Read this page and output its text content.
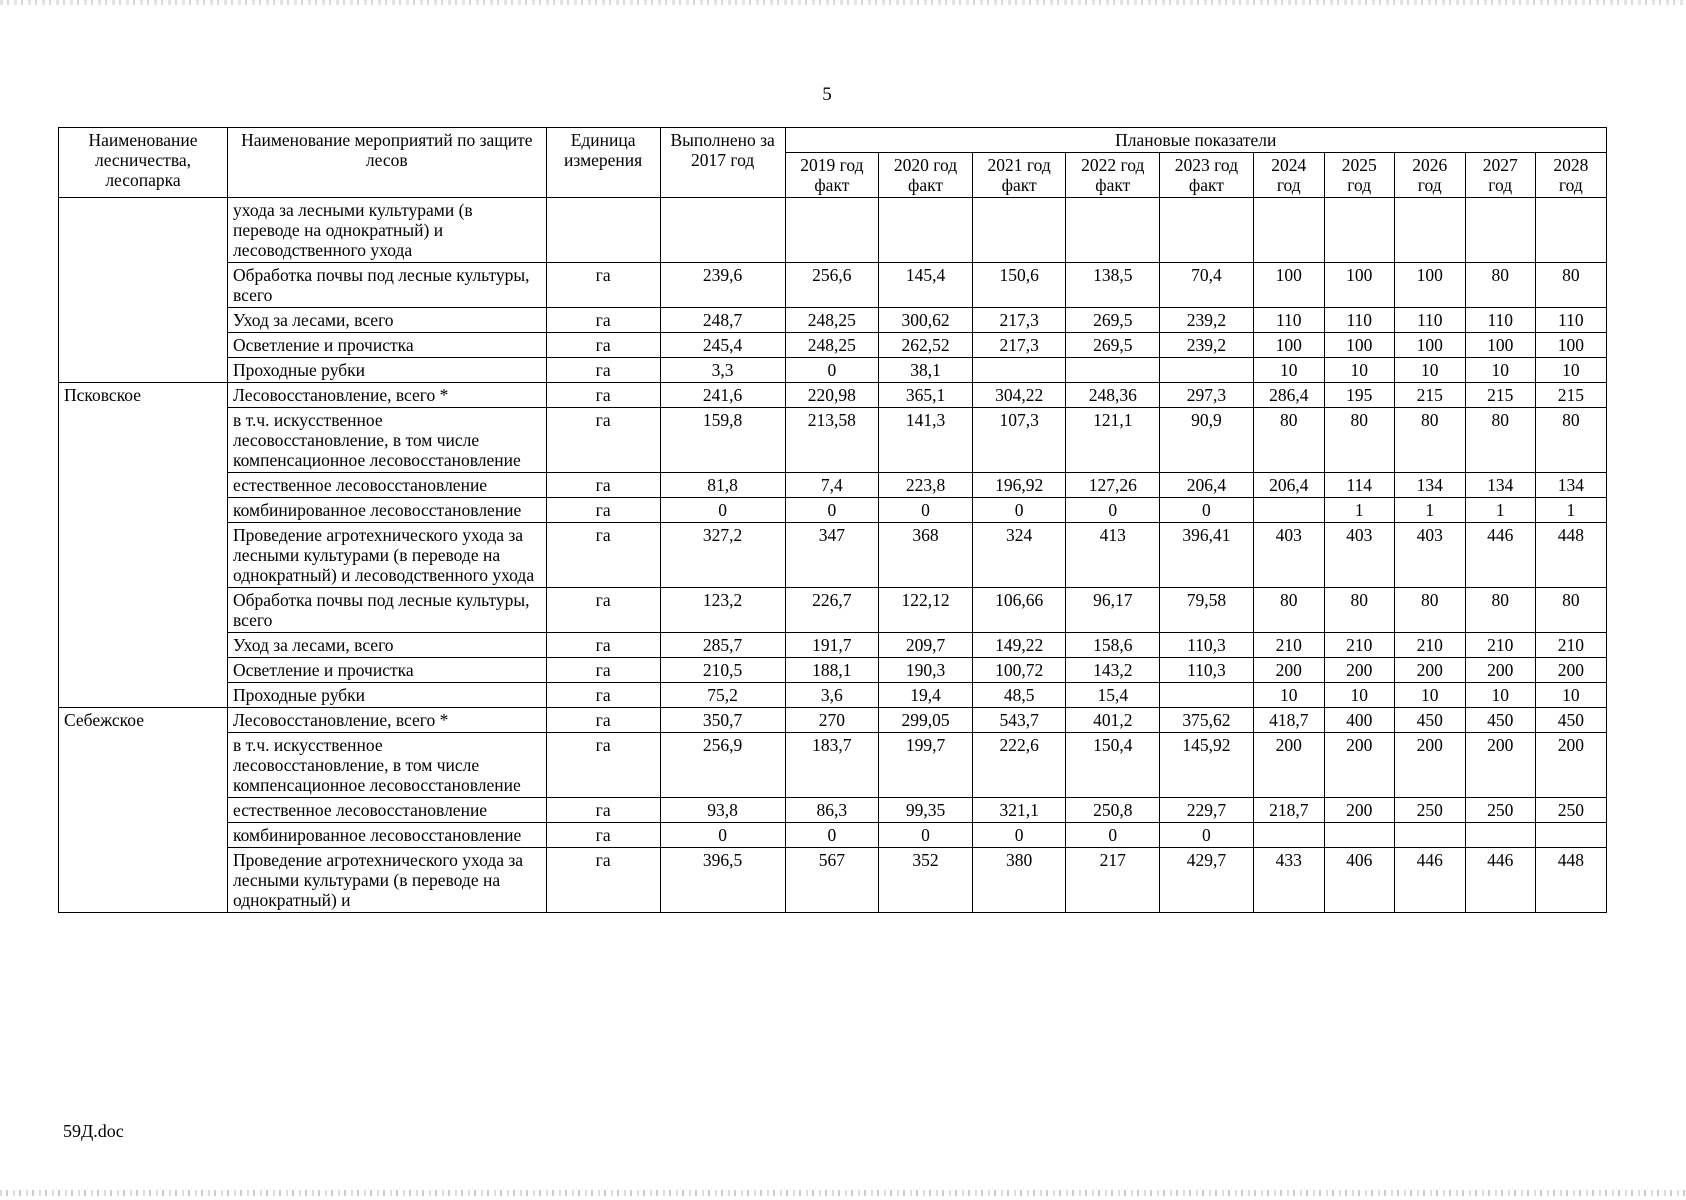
5
Наименование лесничества, лесопарка	Наименование мероприятий по защите лесов	Единица измерения	Выполнено за 2017 год	Плановые показатели									
				2019 год факт	2020 год факт	2021 год факт	2022 год факт	2023 год факт	2024 год	2025 год	2026 год	2027 год	2028 год
	ухода за лесными культурами (в переводе на однократный) и лесоводственного ухода												
	Обработка почвы под лесные культуры, всего	га	239,6	256,6	145,4	150,6	138,5	70,4	100	100	100	80	80
	Уход за лесами, всего	га	248,7	248,25	300,62	217,3	269,5	239,2	110	110	110	110	110
	Осветление и прочистка	га	245,4	248,25	262,52	217,3	269,5	239,2	100	100	100	100	100
	Проходные рубки	га	3,3	0	38,1				10	10	10	10	10
Псковское	Лесовосстановление, всего *	га	241,6	220,98	365,1	304,22	248,36	297,3	286,4	195	215	215	215
	в т.ч. искусственное лесовосстановление, в том числе компенсационное лесовосстановление	га	159,8	213,58	141,3	107,3	121,1	90,9	80	80	80	80	80
	естественное лесовосстановление	га	81,8	7,4	223,8	196,92	127,26	206,4	206,4	114	134	134	134
	комбинированное лесовосстановление	га	0	0	0	0	0	0		1	1	1	1
	Проведение агротехнического ухода за лесными культурами (в переводе на однократный) и лесоводственного ухода	га	327,2	347	368	324	413	396,41	403	403	403	446	448
	Обработка почвы под лесные культуры, всего	га	123,2	226,7	122,12	106,66	96,17	79,58	80	80	80	80	80
	Уход за лесами, всего	га	285,7	191,7	209,7	149,22	158,6	110,3	210	210	210	210	210
	Осветление и прочистка	га	210,5	188,1	190,3	100,72	143,2	110,3	200	200	200	200	200
	Проходные рубки	га	75,2	3,6	19,4	48,5	15,4		10	10	10	10	10
Себежское	Лесовосстановление, всего *	га	350,7	270	299,05	543,7	401,2	375,62	418,7	400	450	450	450
	в т.ч. искусственное лесовосстановление, в том числе компенсационное лесовосстановление	га	256,9	183,7	199,7	222,6	150,4	145,92	200	200	200	200	200
	естественное лесовосстановление	га	93,8	86,3	99,35	321,1	250,8	229,7	218,7	200	250	250	250
	комбинированное лесовосстановление	га	0	0	0	0	0	0					
	Проведение агротехнического ухода за лесными культурами (в переводе на однократный) и	га	396,5	567	352	380	217	429,7	433	406	446	446	448
59Д.doc
